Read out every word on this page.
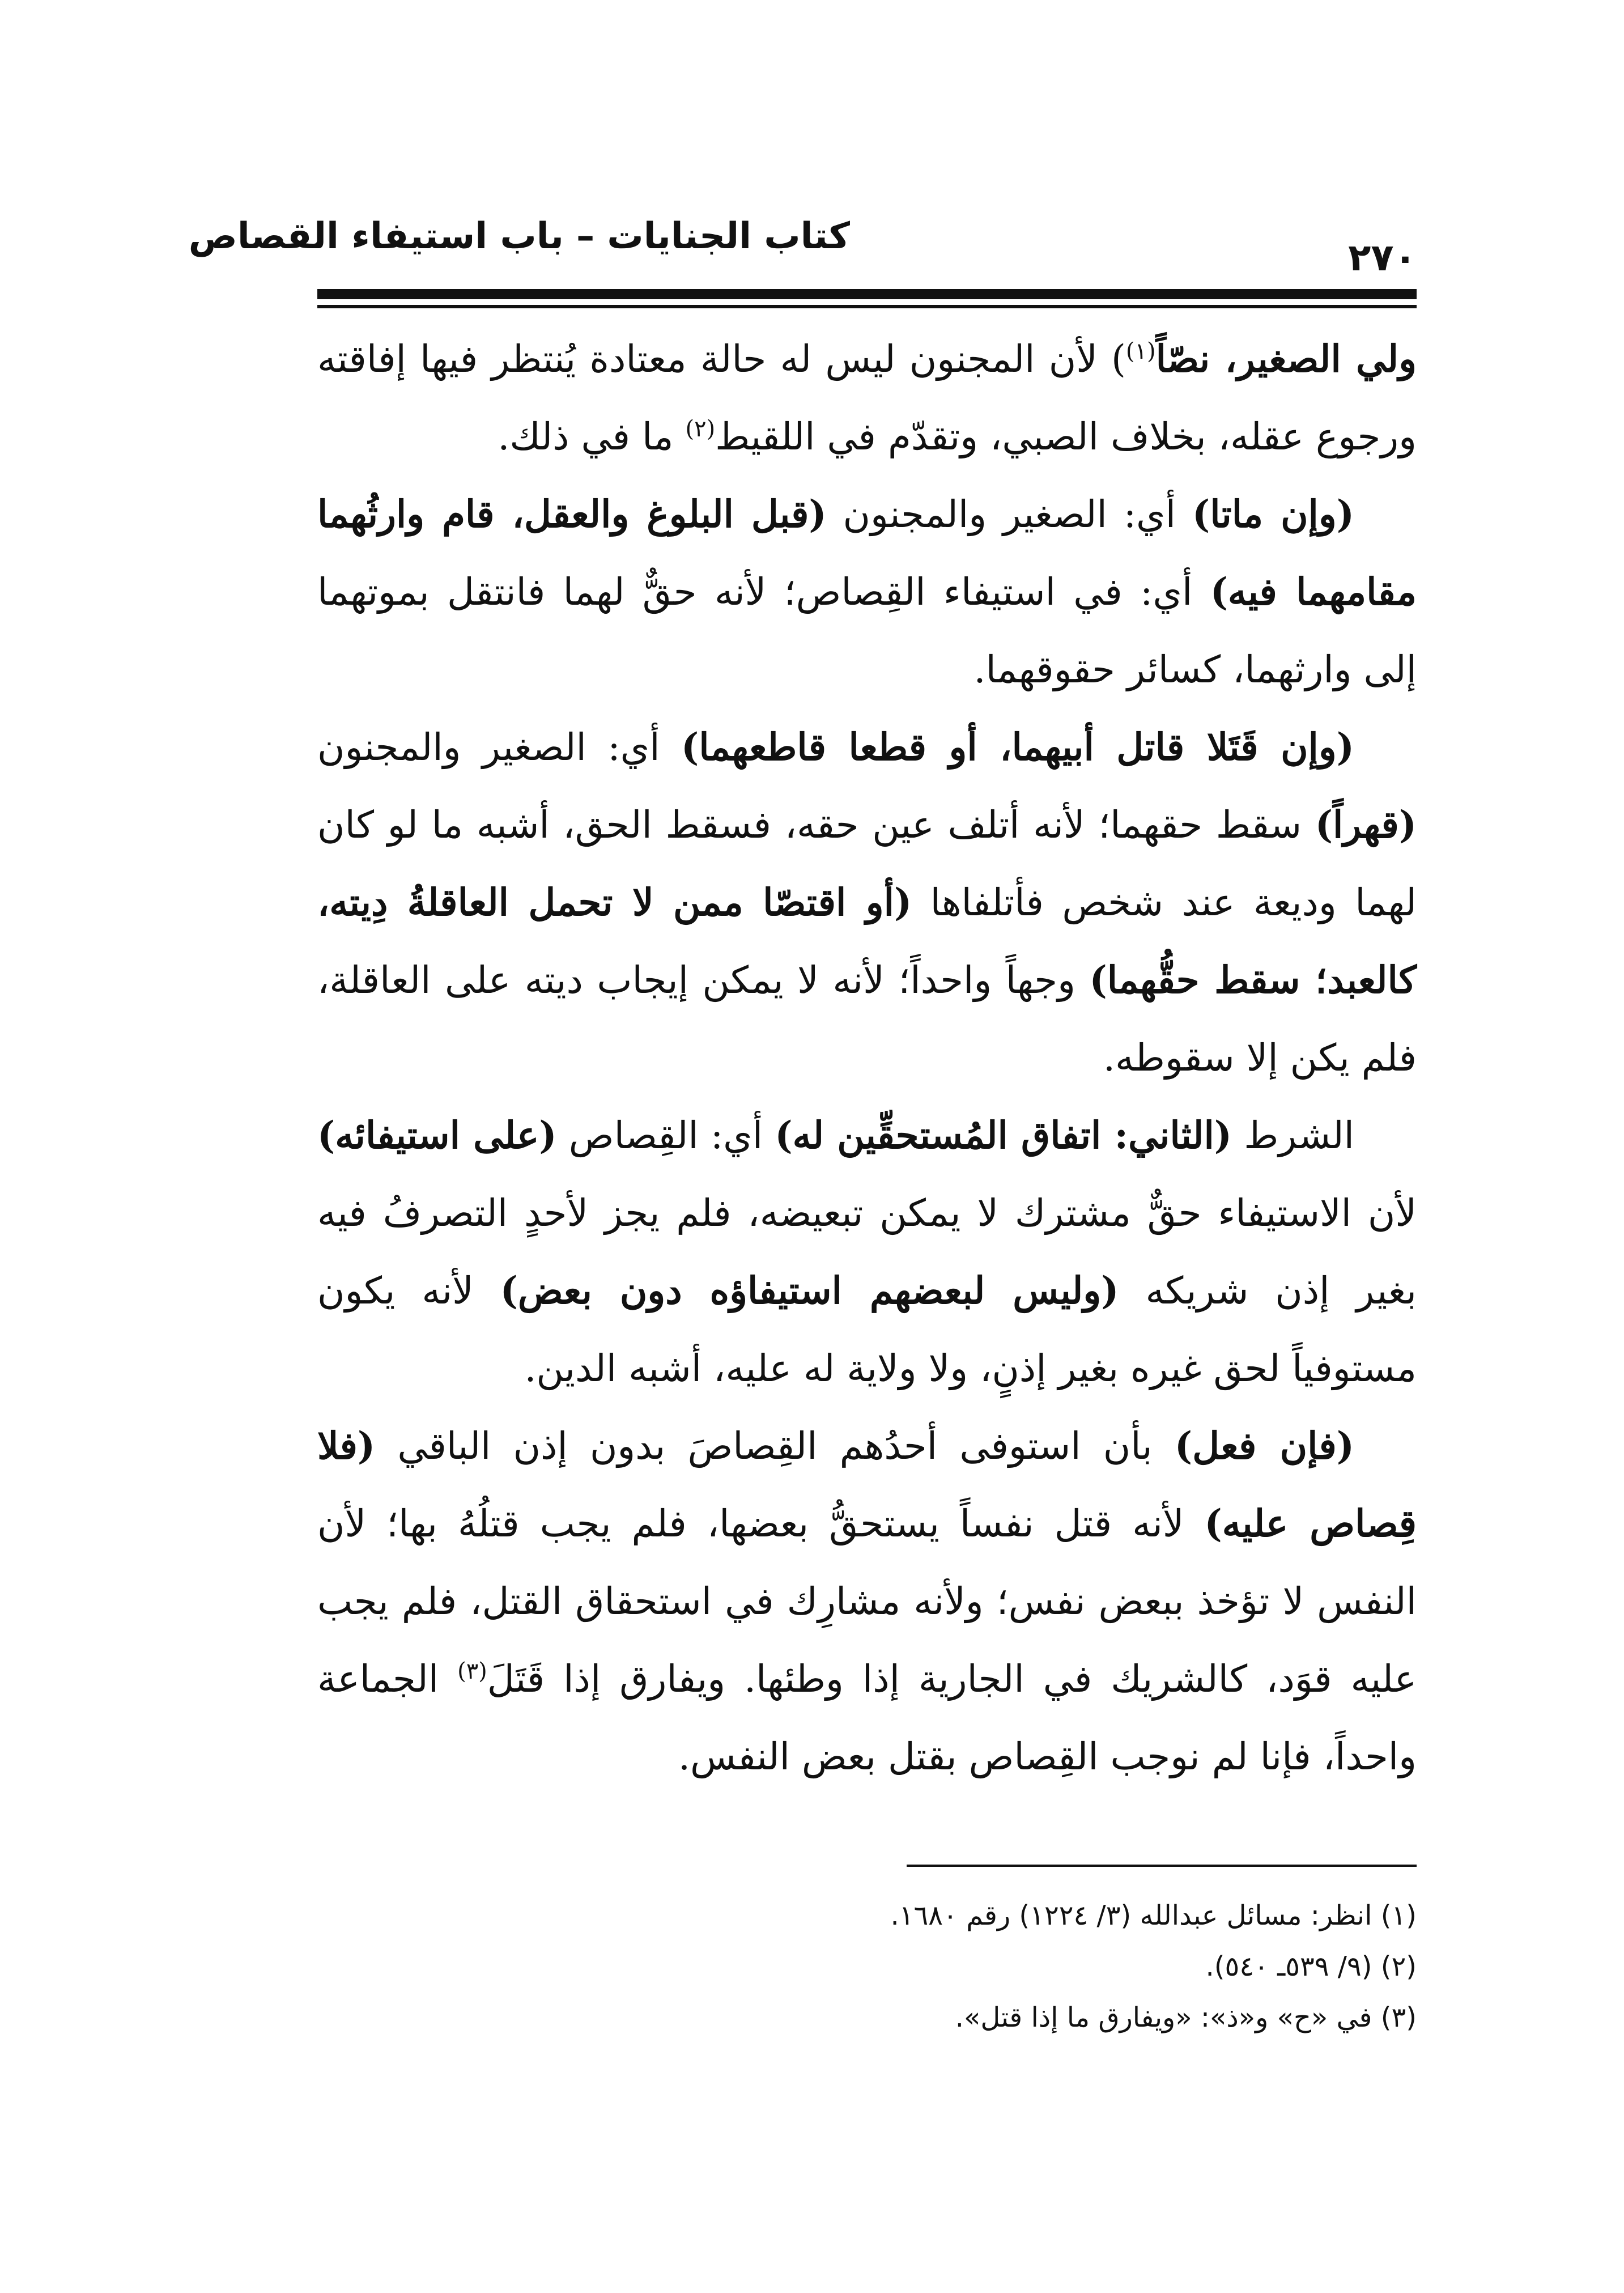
كتاب الجنايات – باب استيفاء القصاص	٢٧٠

ولي الصغير، نصّاً$^{(١)}$) لأن المجنون ليس له حالة معتادة يُنتظر فيها إفاقته ورجوع عقله، بخلاف الصبي، وتقدّم في اللقيط$^{(٢)}$ ما في ذلك.

(وإن ماتا) أي: الصغير والمجنون (قبل البلوغ والعقل، قام وارثُهما مقامهما فيه) أي: في استيفاء القِصاص؛ لأنه حقٌّ لهما فانتقل بموتهما إلى وارثهما، كسائر حقوقهما.

(وإن قَتَلا قاتل أبيهما، أو قطعا قاطعهما) أي: الصغير والمجنون (قهراً) سقط حقهما؛ لأنه أتلف عين حقه، فسقط الحق، أشبه ما لو كان لهما وديعة عند شخص فأتلفاها (أو اقتصّا ممن لا تحمل العاقلةُ دِيته، كالعبد؛ سقط حقُّهما) وجهاً واحداً؛ لأنه لا يمكن إيجاب ديته على العاقلة، فلم يكن إلا سقوطه.

الشرط (الثاني: اتفاق المُستحقِّين له) أي: القِصاص (على استيفائه) لأن الاستيفاء حقٌّ مشترك لا يمكن تبعيضه، فلم يجز لأحدٍ التصرفُ فيه بغير إذن شريكه (وليس لبعضهم استيفاؤه دون بعض) لأنه يكون مستوفياً لحق غيره بغير إذنٍ، ولا ولاية له عليه، أشبه الدين.

(فإن فعل) بأن استوفى أحدُهم القِصاصَ بدون إذن الباقي (فلا قِصاص عليه) لأنه قتل نفساً يستحقُّ بعضها، فلم يجب قتلُهُ بها؛ لأن النفس لا تؤخذ ببعض نفس؛ ولأنه مشارِك في استحقاق القتل، فلم يجب عليه قوَد، كالشريك في الجارية إذا وطئها. ويفارق إذا قَتَلَ$^{(٣)}$ الجماعة واحداً، فإنا لم نوجب القِصاص بقتل بعض النفس.

(١) انظر: مسائل عبدالله (٣/ ١٢٢٤) رقم ١٦٨٠.

(٢) (٩/ ٥٣٩ـ ٥٤٠).

(٣) في «ح» و«ذ»: «ويفارق ما إذا قتل».
